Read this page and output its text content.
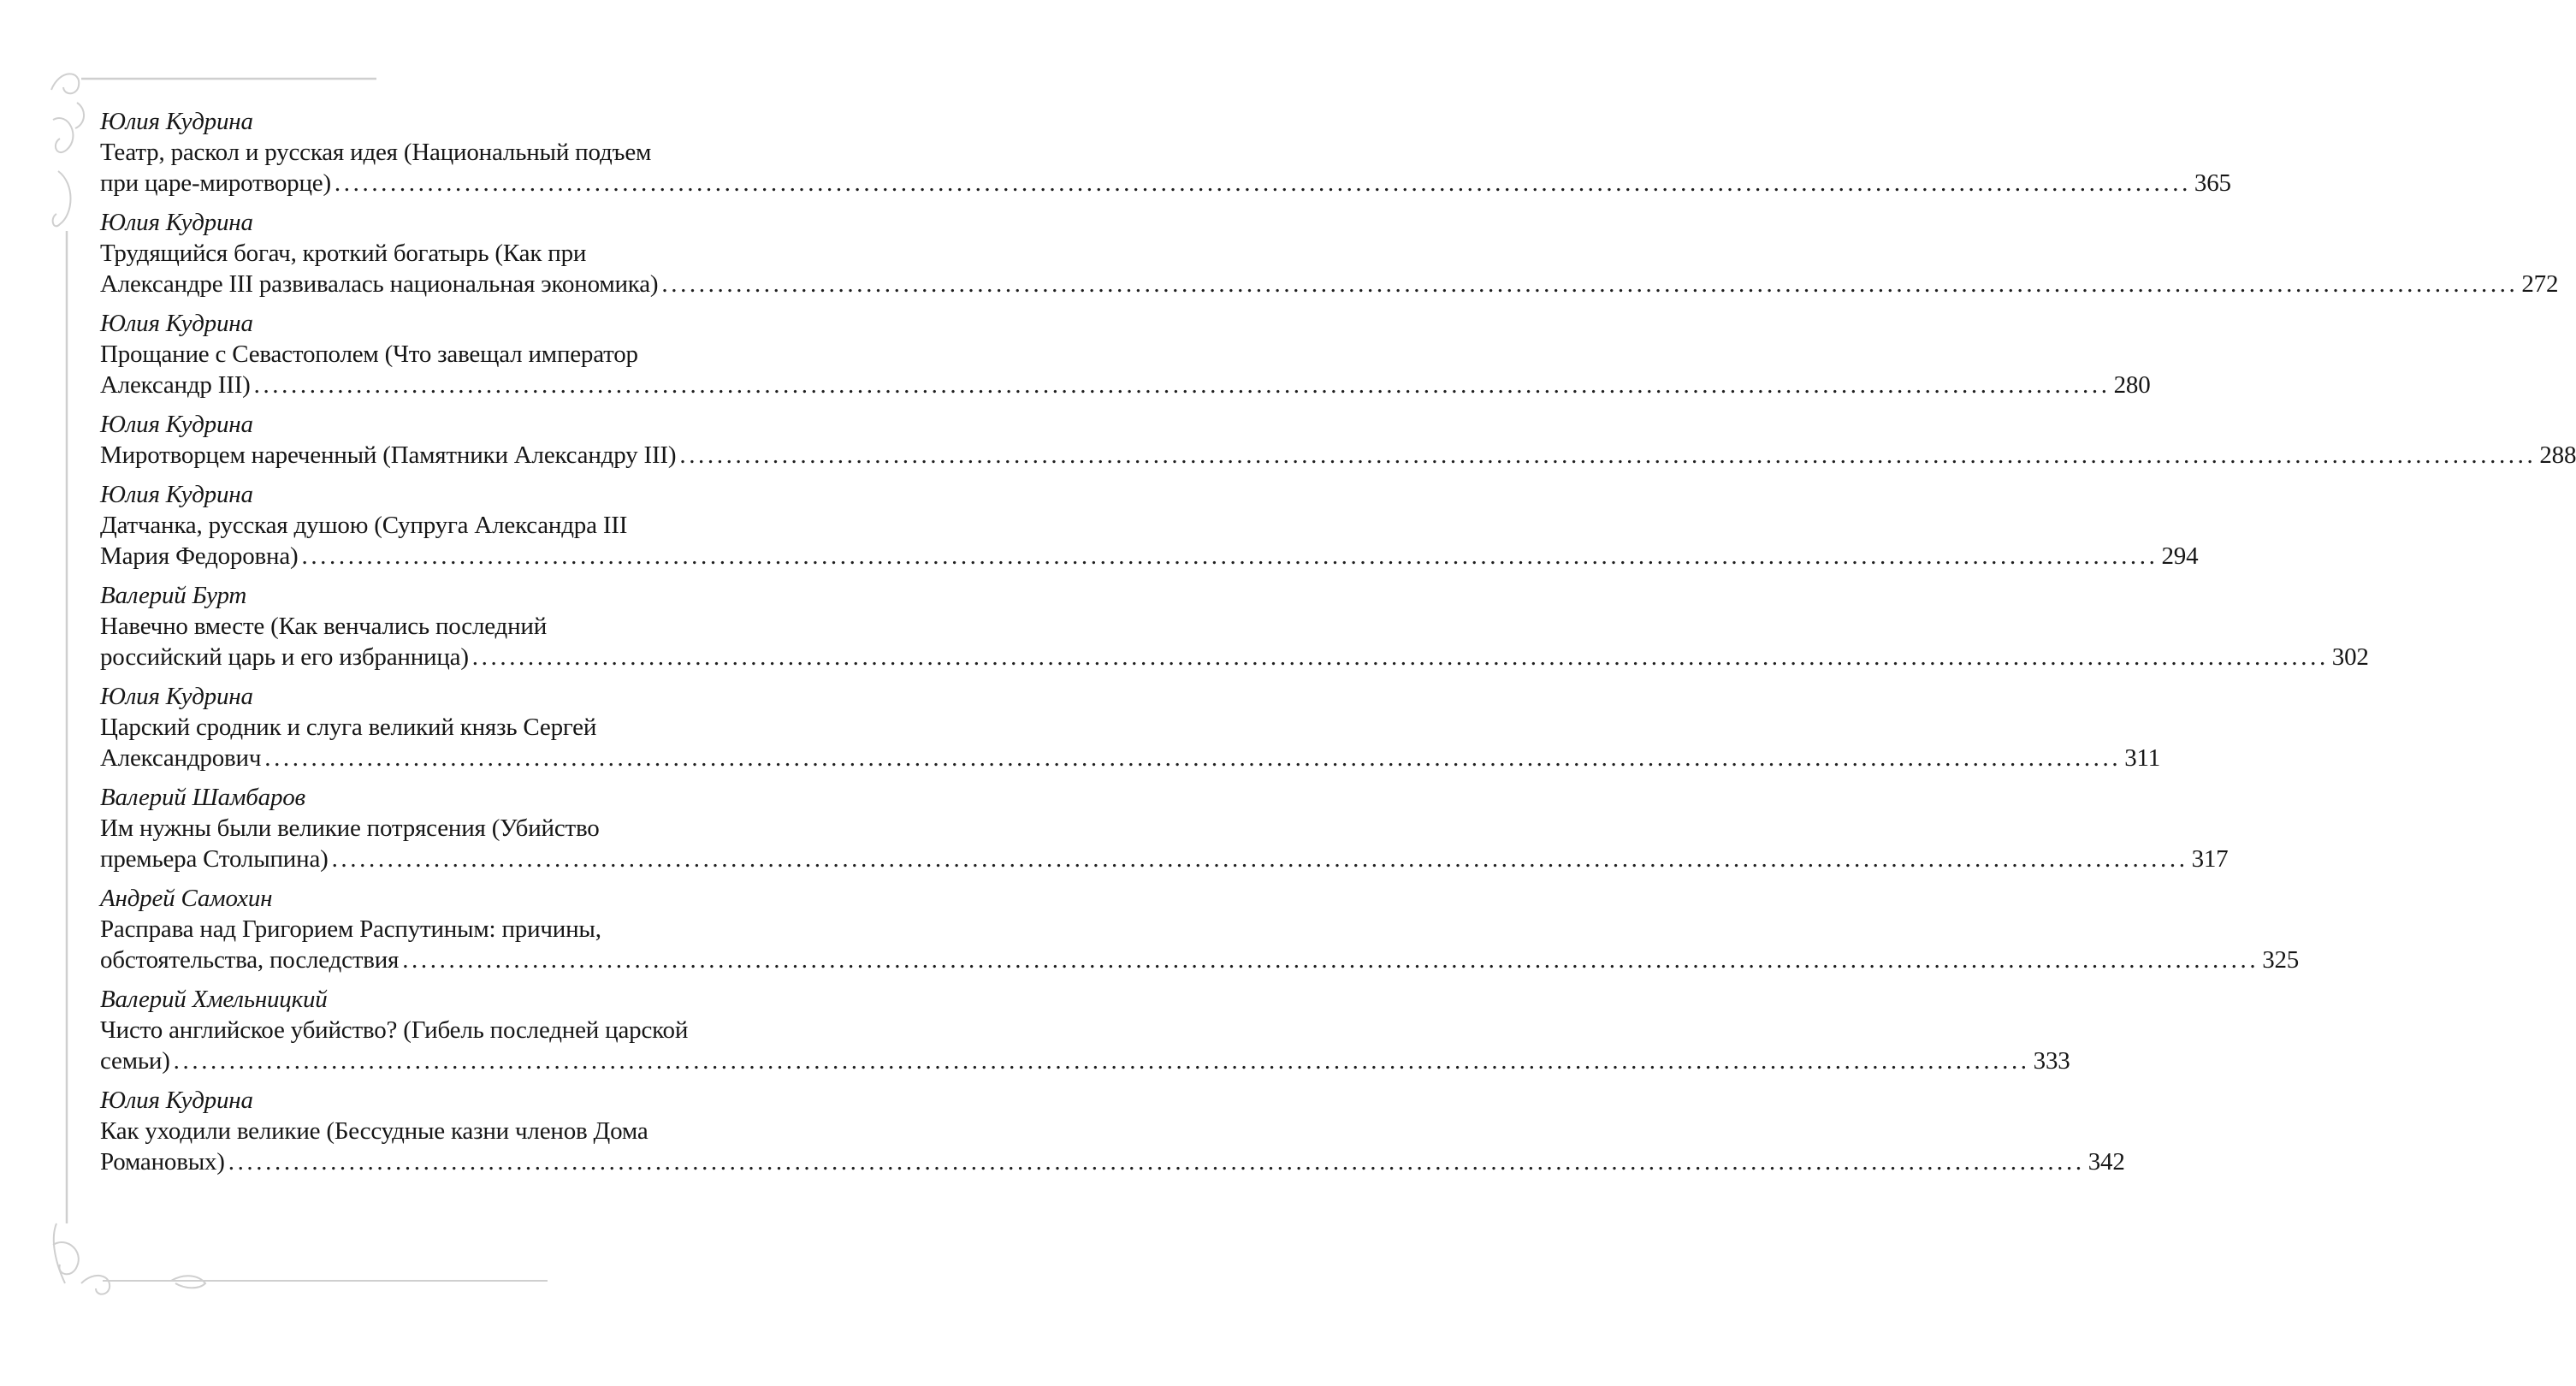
Юлия Кудрина
Театр, раскол и русская идея (Национальный подъем
при царе-миротворце) ........................................................................................................................................................................................................ 365
Юлия Кудрина
Трудящийся богач, кроткий богатырь (Как при
Александре III развивалась национальная экономика) ........................................................................................................................................................................................................ 272
Юлия Кудрина
Прощание с Севастополем (Что завещал император
Александр III) ........................................................................................................................................................................................................ 280
Юлия Кудрина
Миротворцем нареченный (Памятники Александру III) ........................................................................................................................................................................................................ 288
Юлия Кудрина
Датчанка, русская душою (Супруга Александра III
Мария Федоровна) ........................................................................................................................................................................................................ 294
Валерий Бурт
Навечно вместе (Как венчались последний
российский царь и его избранница) ........................................................................................................................................................................................................ 302
Юлия Кудрина
Царский сродник и слуга великий князь Сергей
Александрович ........................................................................................................................................................................................................ 311
Валерий Шамбаров
Им нужны были великие потрясения (Убийство
премьера Столыпина) ........................................................................................................................................................................................................ 317
Андрей Самохин
Расправа над Григорием Распутиным: причины,
обстоятельства, последствия ........................................................................................................................................................................................................ 325
Валерий Хмельницкий
Чисто английское убийство? (Гибель последней царской
семьи) ........................................................................................................................................................................................................ 333
Юлия Кудрина
Как уходили великие (Бессудные казни членов Дома
Романовых) ........................................................................................................................................................................................................ 342
